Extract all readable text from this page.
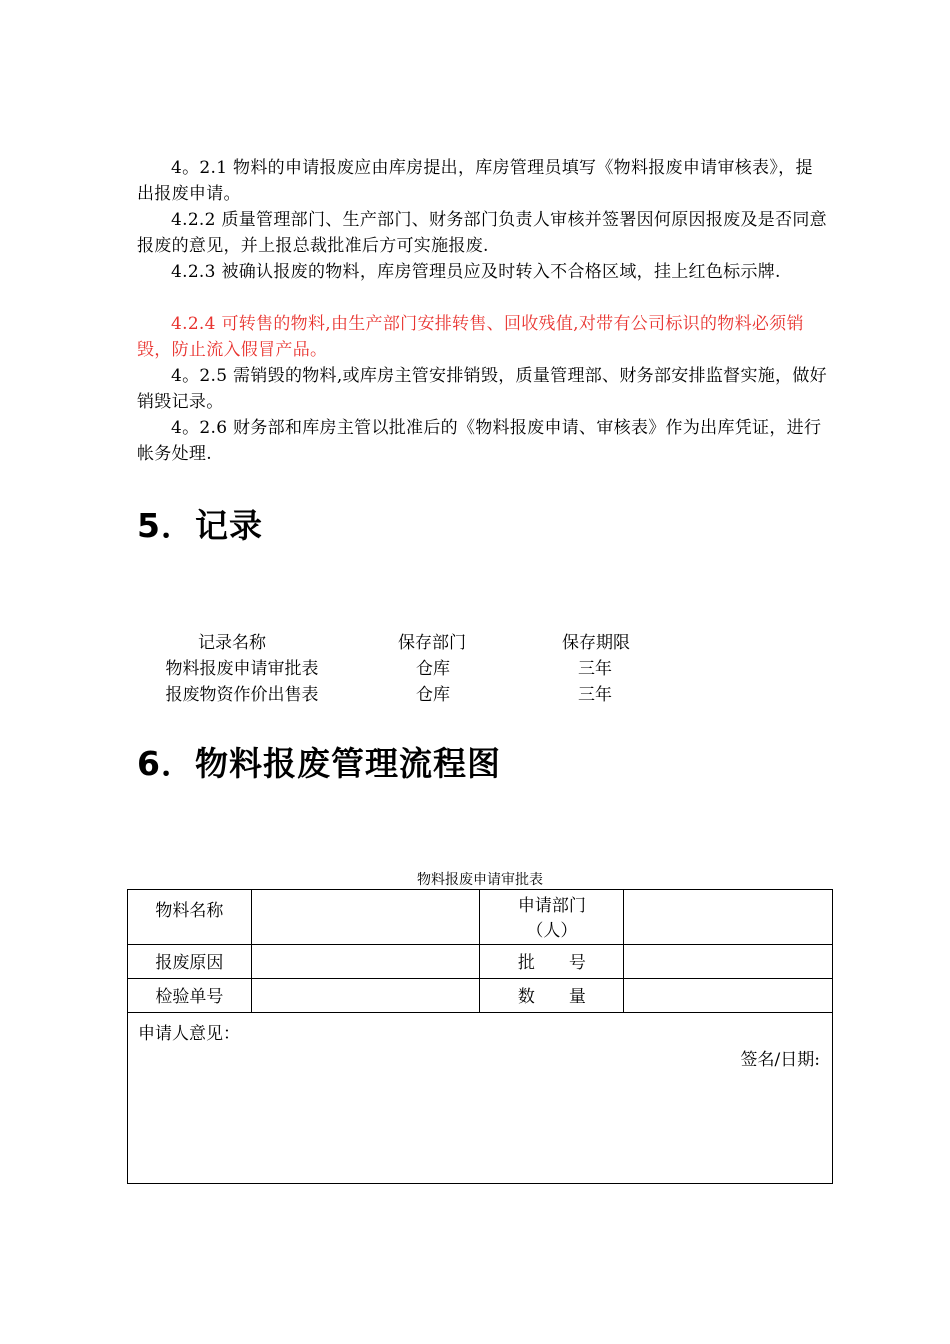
4。2.1 物料的申请报废应由库房提出，库房管理员填写《物料报废申请审核表》，提出报废申请。
4.2.2 质量管理部门、生产部门、财务部门负责人审核并签署因何原因报废及是否同意报废的意见，并上报总裁批准后方可实施报废.
4.2.3 被确认报废的物料，库房管理员应及时转入不合格区域，挂上红色标示牌.
4.2.4 可转售的物料,由生产部门安排转售、回收残值,对带有公司标识的物料必须销毁，防止流入假冒产品。
4。2.5 需销毁的物料,或库房主管安排销毁，质量管理部、财务部安排监督实施，做好销毁记录。
4。2.6 财务部和库房主管以批准后的《物料报废申请、审核表》作为出库凭证，进行帐务处理.
5．记录
记录名称	保存部门	保存期限
物料报废申请审批表	仓库	三年
报废物资作价出售表	仓库	三年
6．物料报废管理流程图
物料报废申请审批表
物料名称		申请部门（人）	

报废原因		批　　号	

检验单号		数　　量	

申请人意见：
签名/日期:			
